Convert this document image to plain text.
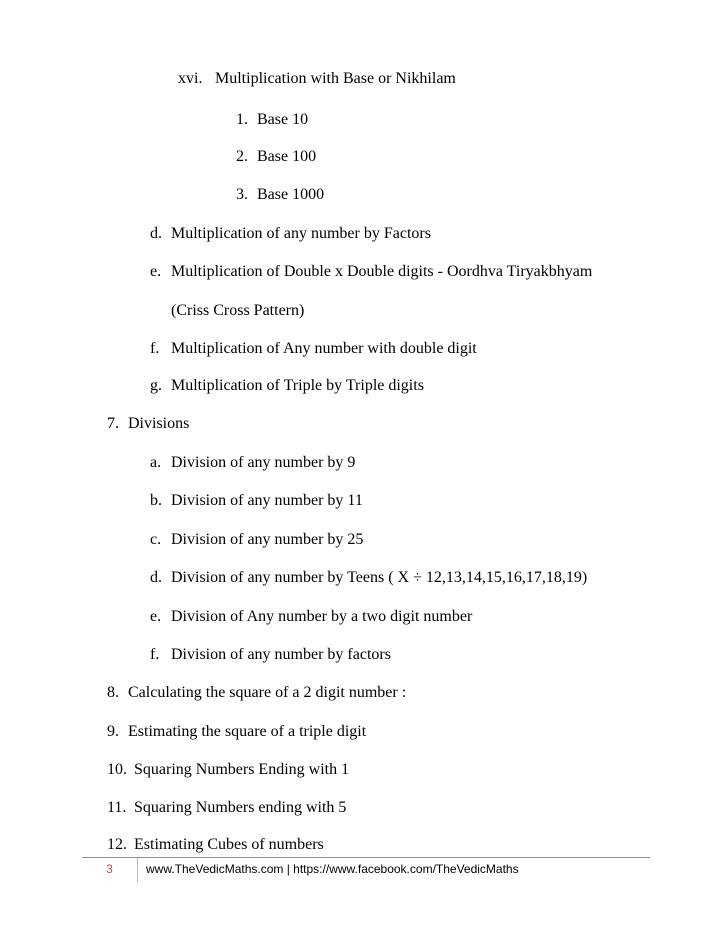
xvi. Multiplication with Base or Nikhilam
1. Base 10
2. Base 100
3. Base 1000
d. Multiplication of any number by Factors
e. Multiplication of Double x Double digits - Oordhva Tiryakbhyam
(Criss Cross Pattern)
f. Multiplication of Any number with double digit
g. Multiplication of Triple by Triple digits
7. Divisions
a. Division of any number by 9
b. Division of any number by 11
c. Division of any number by 25
d. Division of any number by Teens ( X ÷ 12,13,14,15,16,17,18,19)
e. Division of Any number by a two digit number
f. Division of any number by factors
8. Calculating the square of a 2 digit number :
9. Estimating the square of a triple digit
10. Squaring Numbers Ending with 1
11. Squaring Numbers ending with 5
12. Estimating Cubes of numbers
3	www.TheVedicMaths.com | https://www.facebook.com/TheVedicMaths
